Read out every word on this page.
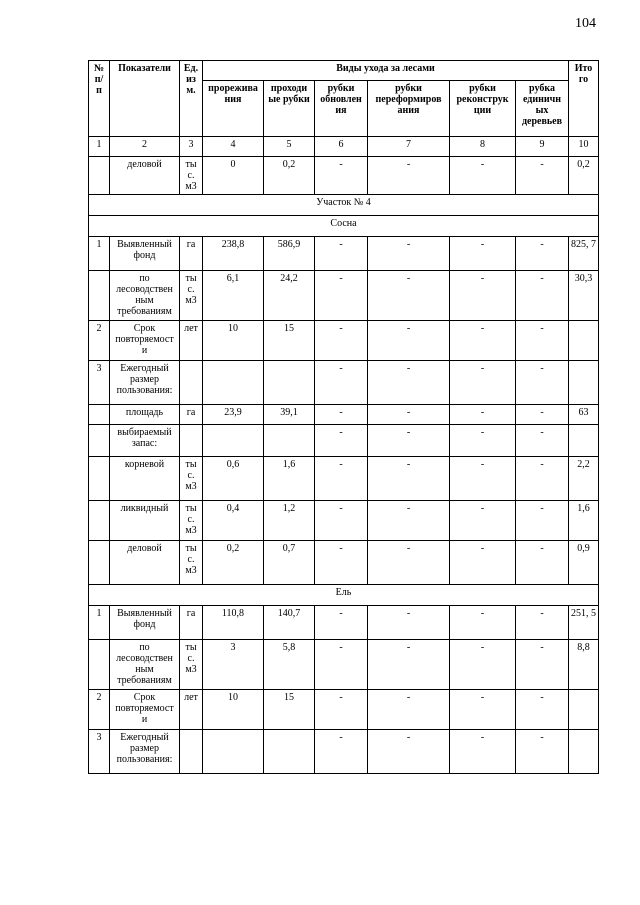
104
№ п/ п	Показатели	Ед. из м.	Виды ухода за лесами						Ито го
			прорежива ния	проходи ые рубки	рубки обновлен ия	рубки переформиров ания	рубки реконструк ции	рубка единичн ых деревьев	
1	2	3	4	5	6	7	8	9	10
	деловой	ты с. м3	0	0,2	-	-	-	-	0,2
Участок № 4									
Сосна									
1	Выявленный фонд	га	238,8	586,9	-	-	-	-	825, 7
	по лесоводствен ным требованиям	ты с. м3	6,1	24,2	-	-	-	-	30,3
2	Срок повторяемост и	лет	10	15	-	-	-	-	
3	Ежегодный размер пользования:				-	-	-	-	
	площадь	га	23,9	39,1	-	-	-	-	63
	выбираемый запас:				-	-	-	-	
	корневой	ты с. м3	0,6	1,6	-	-	-	-	2,2
	ликвидный	ты с. м3	0,4	1,2	-	-	-	-	1,6
	деловой	ты с. м3	0,2	0,7	-	-	-	-	0,9
Ель									
1	Выявленный фонд	га	110,8	140,7	-	-	-	-	251, 5
	по лесоводствен ным требованиям	ты с. м3	3	5,8	-	-	-	-	8,8
2	Срок повторяемост и	лет	10	15	-	-	-	-	
3	Ежегодный размер пользования:				-	-	-	-	
